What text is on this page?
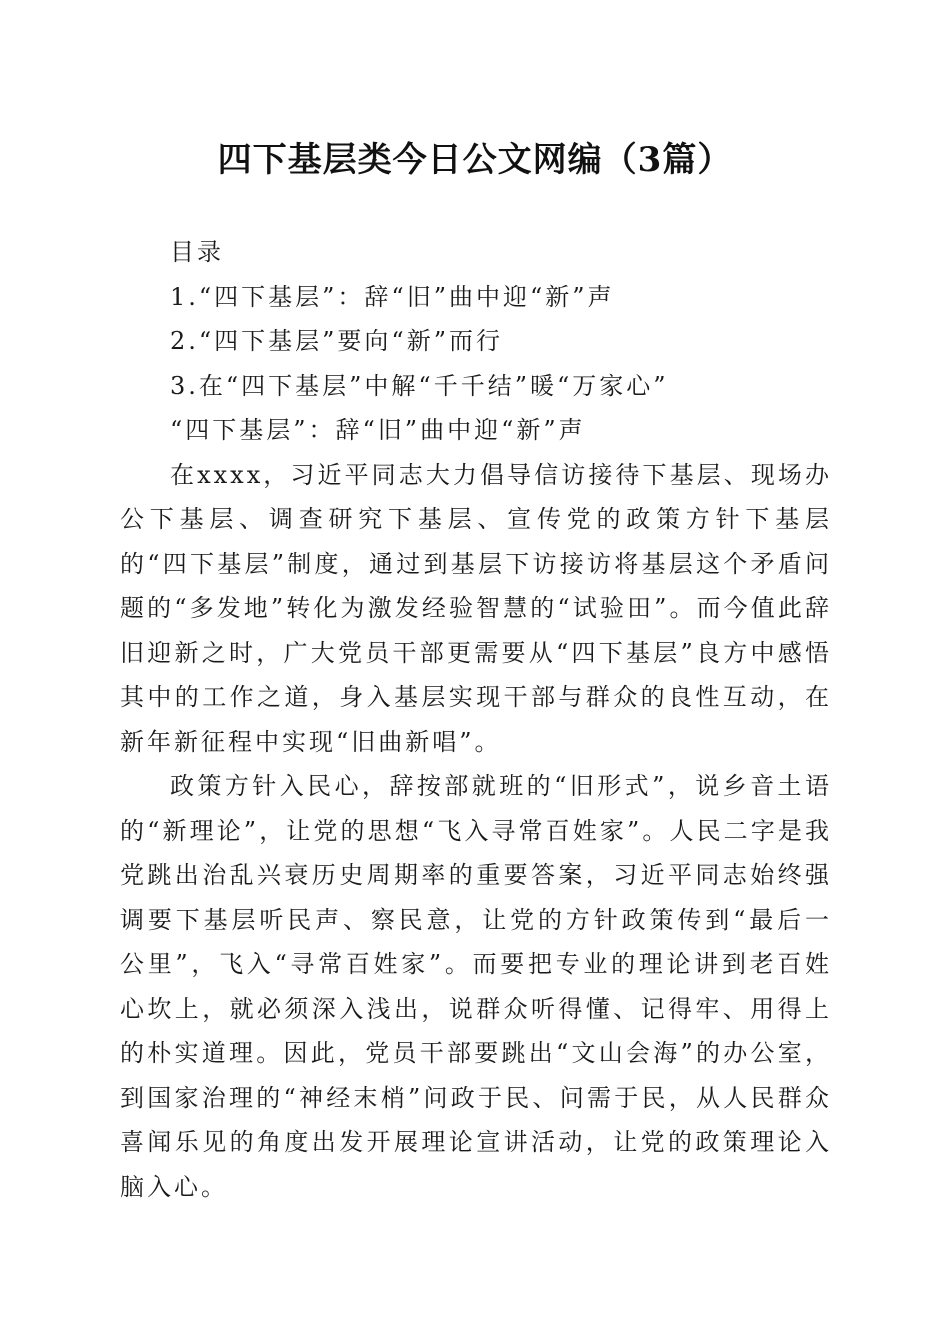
四下基层类今日公文网编（3篇）

目录

1.“四下基层”：辞“旧”曲中迎“新”声

2.“四下基层”要向“新”而行

3.在“四下基层”中解“千千结”暖“万家心”

“四下基层”：辞“旧”曲中迎“新”声

在xxxx，习近平同志大力倡导信访接待下基层、现场办公下基层、调查研究下基层、宣传党的政策方针下基层的“四下基层”制度，通过到基层下访接访将基层这个矛盾问题的“多发地”转化为激发经验智慧的“试验田”。而今值此辞旧迎新之时，广大党员干部更需要从“四下基层”良方中感悟其中的工作之道，身入基层实现干部与群众的良性互动，在新年新征程中实现“旧曲新唱”。

政策方针入民心，辞按部就班的“旧形式”，说乡音土语的“新理论”，让党的思想“飞入寻常百姓家”。人民二字是我党跳出治乱兴衰历史周期率的重要答案，习近平同志始终强调要下基层听民声、察民意，让党的方针政策传到“最后一公里”，飞入“寻常百姓家”。而要把专业的理论讲到老百姓心坎上，就必须深入浅出，说群众听得懂、记得牢、用得上的朴实道理。因此，党员干部要跳出“文山会海”的办公室，到国家治理的“神经末梢”问政于民、问需于民，从人民群众喜闻乐见的角度出发开展理论宣讲活动，让党的政策理论入脑入心。
